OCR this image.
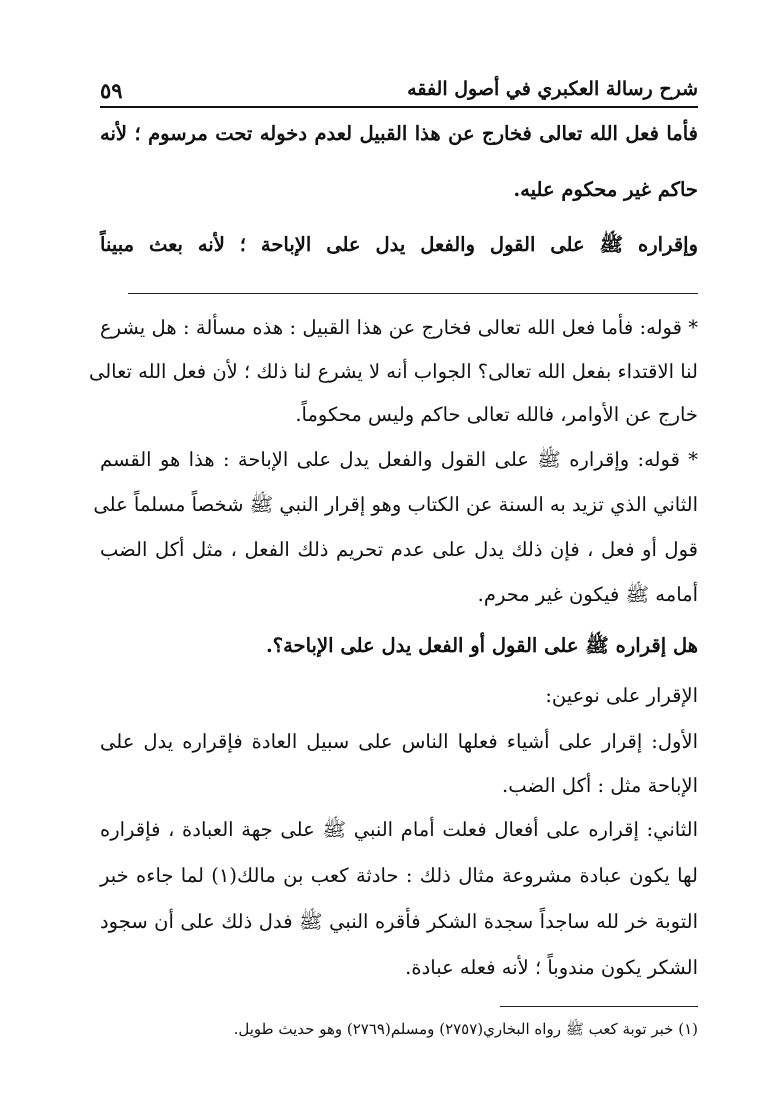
شرح رسالة العكبري في أصول الفقه
٥٩
فأما فعل الله تعالى فخارج عن هذا القبيل لعدم دخوله تحت مرسوم ؛ لأنه
حاكم غير محكوم عليه.
وإقراره ﷺ على القول والفعل يدل على الإباحة ؛ لأنه بعث مبيناً
* قوله: فأما فعل الله تعالى فخارج عن هذا القبيل : هذه مسألة : هل يشرع
لنا الاقتداء بفعل الله تعالى؟ الجواب أنه لا يشرع لنا ذلك ؛ لأن فعل الله تعالى
خارج عن الأوامر، فالله تعالى حاكم وليس محكوماً.
* قوله: وإقراره ﷺ على القول والفعل يدل على الإباحة : هذا هو القسم
الثاني الذي تزيد به السنة عن الكتاب وهو إقرار النبي ﷺ شخصاً مسلماً على
قول أو فعل ، فإن ذلك يدل على عدم تحريم ذلك الفعل ، مثل أكل الضب
أمامه ﷺ فيكون غير محرم.
هل إقراره ﷺ على القول أو الفعل يدل على الإباحة؟.
الإقرار على نوعين:
الأول: إقرار على أشياء فعلها الناس على سبيل العادة فإقراره يدل على
الإباحة مثل : أكل الضب.
الثاني: إقراره على أفعال فعلت أمام النبي ﷺ على جهة العبادة ، فإقراره
لها يكون عبادة مشروعة مثال ذلك : حادثة كعب بن مالك(١) لما جاءه خبر
التوبة خر لله ساجداً سجدة الشكر فأقره النبي ﷺ فدل ذلك على أن سجود
الشكر يكون مندوباً ؛ لأنه فعله عبادة.
(١) خبر توبة كعب ﷺ رواه البخاري(٢٧٥٧) ومسلم(٢٧٦٩) وهو حديث طويل.
